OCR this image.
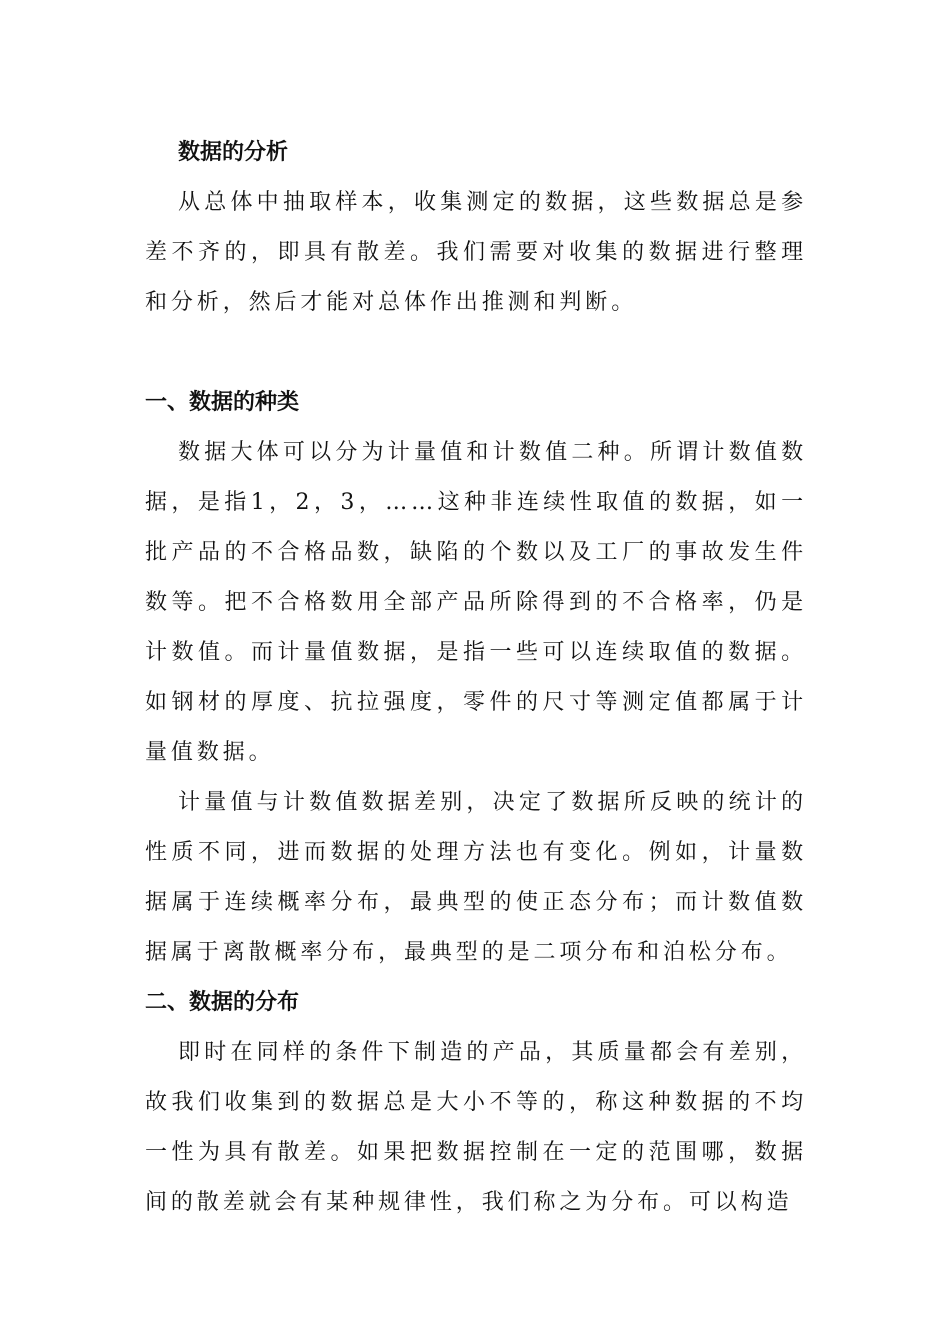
数据的分析

从总体中抽取样本，收集测定的数据，这些数据总是参差不齐的，即具有散差。我们需要对收集的数据进行整理和分析，然后才能对总体作出推测和判断。

一、数据的种类

数据大体可以分为计量值和计数值二种。所谓计数值数据，是指1，2，3，……这种非连续性取值的数据，如一批产品的不合格品数，缺陷的个数以及工厂的事故发生件数等。把不合格数用全部产品所除得到的不合格率，仍是计数值。而计量值数据，是指一些可以连续取值的数据。如钢材的厚度、抗拉强度，零件的尺寸等测定值都属于计量值数据。

计量值与计数值数据差别，决定了数据所反映的统计的性质不同，进而数据的处理方法也有变化。例如，计量数据属于连续概率分布，最典型的使正态分布；而计数值数据属于离散概率分布，最典型的是二项分布和泊松分布。

二、数据的分布

即时在同样的条件下制造的产品，其质量都会有差别，故我们收集到的数据总是大小不等的，称这种数据的不均一性为具有散差。如果把数据控制在一定的范围哪，数据间的散差就会有某种规律性，我们称之为分布。可以构造
